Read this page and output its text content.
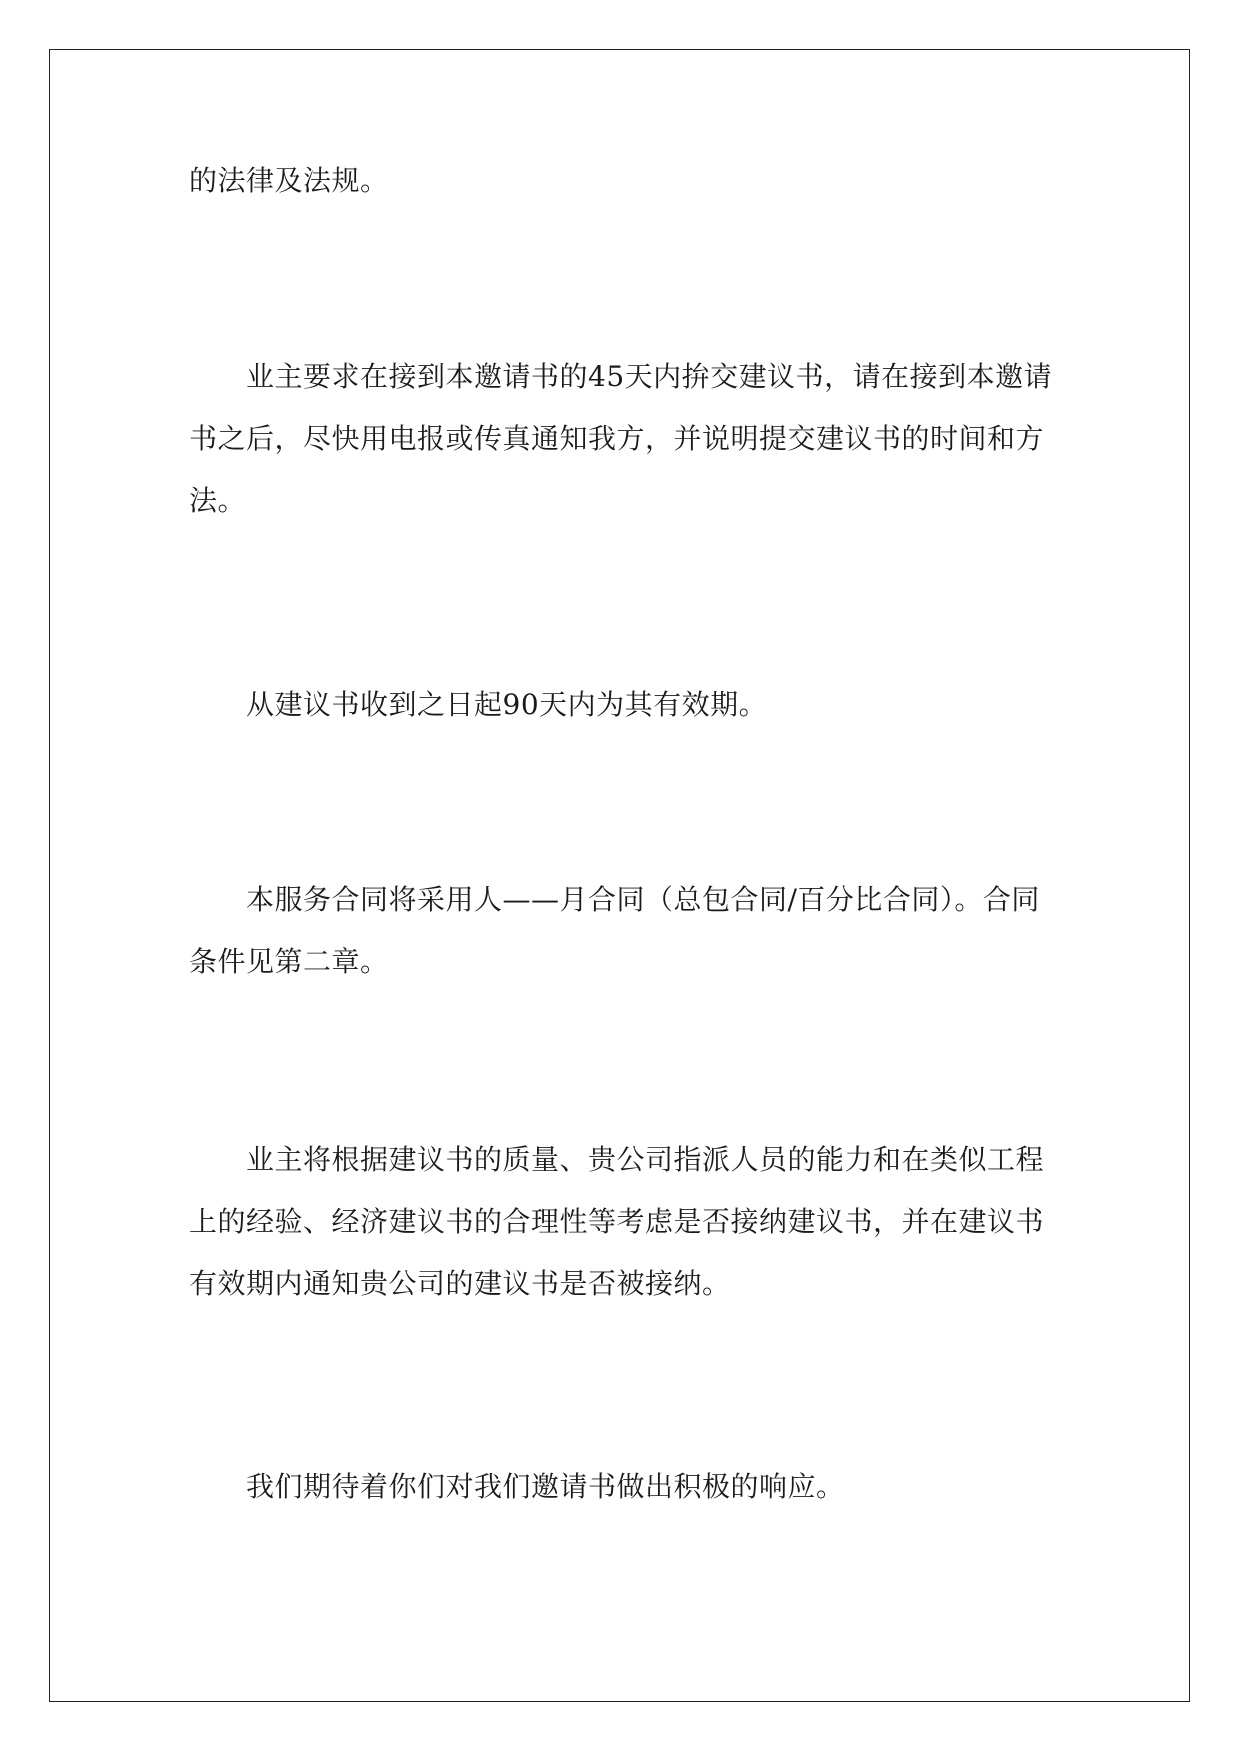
的法律及法规。

业主要求在接到本邀请书的45天内拚交建议书，请在接到本邀请书之后，尽快用电报或传真通知我方，并说明提交建议书的时间和方法。

从建议书收到之日起90天内为其有效期。

本服务合同将采用人——月合同（总包合同/百分比合同）。合同条件见第二章。

业主将根据建议书的质量、贵公司指派人员的能力和在类似工程上的经验、经济建议书的合理性等考虑是否接纳建议书，并在建议书有效期内通知贵公司的建议书是否被接纳。

我们期待着你们对我们邀请书做出积极的响应。
